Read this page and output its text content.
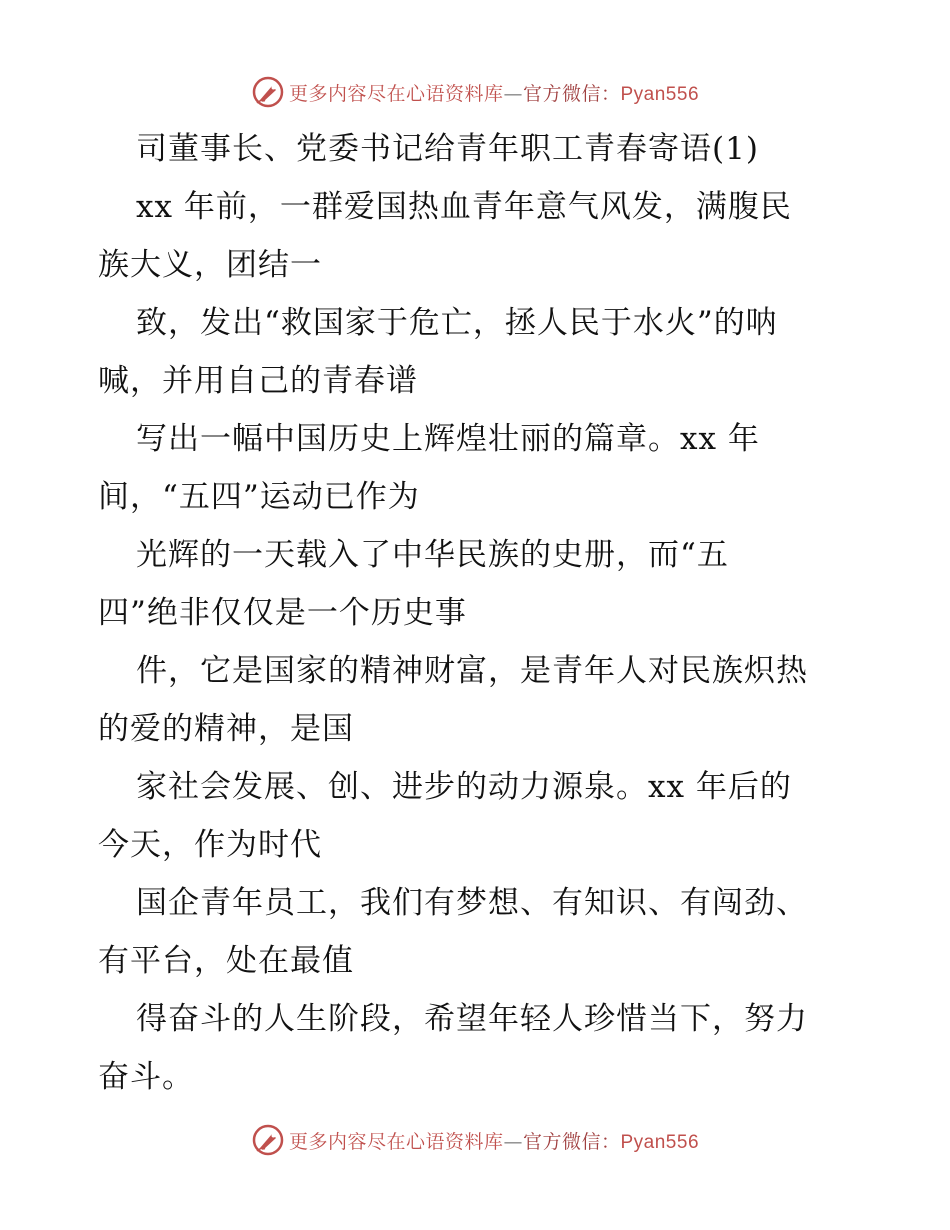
更多内容尽在心语资料库—官方微信：Pyan556
司董事长、党委书记给青年职工青春寄语(1)
xx 年前，一群爱国热血青年意气风发，满腹民
族大义，团结一
致，发出“救国家于危亡，拯人民于水火”的呐
喊，并用自己的青春谱
写出一幅中国历史上辉煌壮丽的篇章。xx 年
间，“五四”运动已作为
光辉的一天载入了中华民族的史册，而“五
四”绝非仅仅是一个历史事
件，它是国家的精神财富，是青年人对民族炽热
的爱的精神，是国
家社会发展、创、进步的动力源泉。xx 年后的
今天，作为时代
国企青年员工，我们有梦想、有知识、有闯劲、
有平台，处在最值
得奋斗的人生阶段，希望年轻人珍惜当下，努力
奋斗。
更多内容尽在心语资料库—官方微信：Pyan556
